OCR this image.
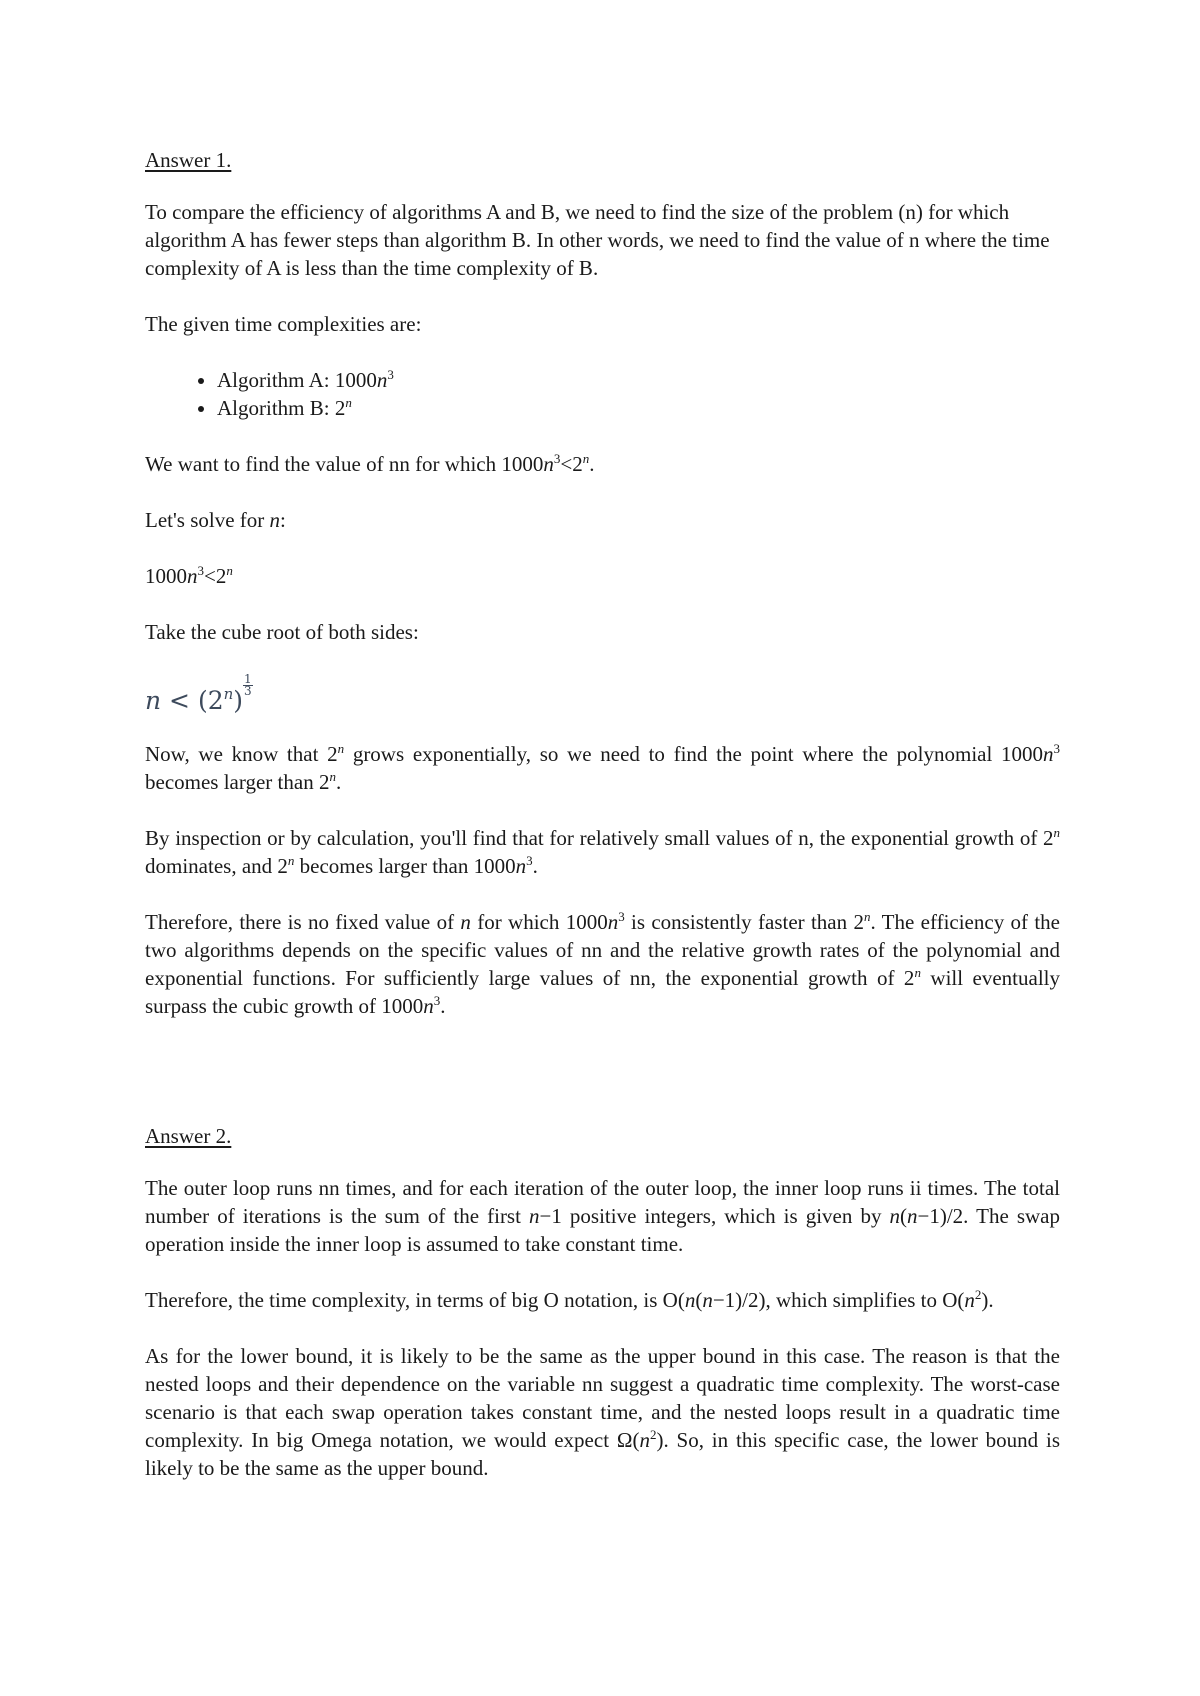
Answer 1.

To compare the efficiency of algorithms A and B, we need to find the size of the problem (n) for which algorithm A has fewer steps than algorithm B. In other words, we need to find the value of n where the time complexity of A is less than the time complexity of B.

The given time complexities are:

• Algorithm A: $1000n^3$
• Algorithm B: 2$^n$

We want to find the value of nn for which $1000n^3<2^n$.

Let's solve for n:

$1000n^3<2^n$

Take the cube root of both sides:

$n < (2^n)$
$\frac{1}{3}$

Now, we know that 2$^n$ grows exponentially, so we need to find the point where the polynomial $1000n^3$ becomes larger than 2$^n$.

By inspection or by calculation, you'll find that for relatively small values of n, the exponential growth of 2$^n$ dominates, and 2$^n$ becomes larger than $1000n^3$.

Therefore, there is no fixed value of n for which $1000n^3$ is consistently faster than 2$^n$. The efficiency of the two algorithms depends on the specific values of nn and the relative growth rates of the polynomial and exponential functions. For sufficiently large values of nn, the exponential growth of 2$^n$ will eventually surpass the cubic growth of $1000n^3$.

Answer 2.

The outer loop runs nn times, and for each iteration of the outer loop, the inner loop runs ii times. The total number of iterations is the sum of the first n−1 positive integers, which is given by n(n−1)/2. The swap operation inside the inner loop is assumed to take constant time.

Therefore, the time complexity, in terms of big O notation, is O(n(n−1)/2), which simplifies to $O(n^2)$.

As for the lower bound, it is likely to be the same as the upper bound in this case. The reason is that the nested loops and their dependence on the variable nn suggest a quadratic time complexity. The worst-case scenario is that each swap operation takes constant time, and the nested loops result in a quadratic time complexity. In big Omega notation, we would expect $\Omega(n^2)$. So, in this specific case, the lower bound is likely to be the same as the upper bound.
